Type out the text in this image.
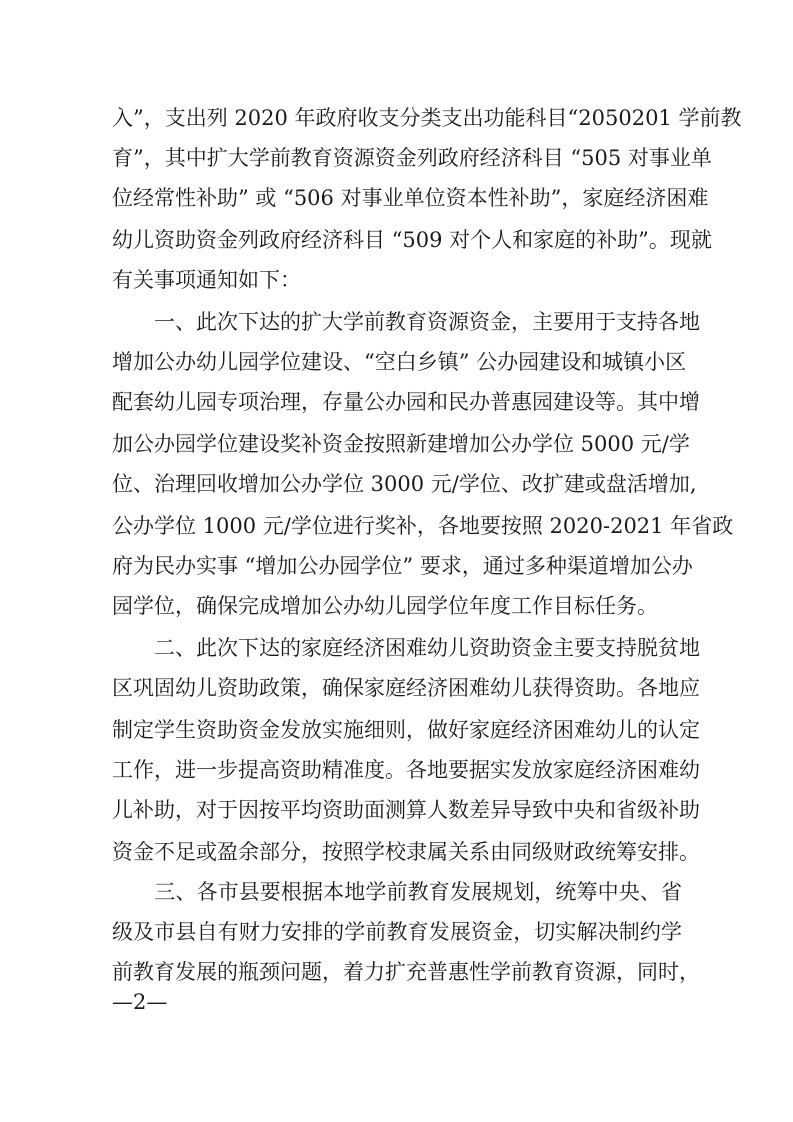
入”，支出列 2020 年政府收支分类支出功能科目“2050201 学前教
育”，其中扩大学前教育资源资金列政府经济科目 “505 对事业单
位经常性补助” 或 “506 对事业单位资本性补助”，家庭经济困难
幼儿资助资金列政府经济科目 “509 对个人和家庭的补助”。现就
有关事项通知如下：
　　一、此次下达的扩大学前教育资源资金，主要用于支持各地
增加公办幼儿园学位建设、“空白乡镇” 公办园建设和城镇小区
配套幼儿园专项治理，存量公办园和民办普惠园建设等。其中增
加公办园学位建设奖补资金按照新建增加公办学位 5000 元/学
位、治理回收增加公办学位 3000 元/学位、改扩建或盘活增加,
公办学位 1000 元/学位进行奖补，各地要按照 2020-2021 年省政
府为民办实事 “增加公办园学位” 要求，通过多种渠道增加公办
园学位，确保完成增加公办幼儿园学位年度工作目标任务。
　　二、此次下达的家庭经济困难幼儿资助资金主要支持脱贫地
区巩固幼儿资助政策，确保家庭经济困难幼儿获得资助。各地应
制定学生资助资金发放实施细则，做好家庭经济困难幼儿的认定
工作，进一步提高资助精准度。各地要据实发放家庭经济困难幼
儿补助，对于因按平均资助面测算人数差异导致中央和省级补助
资金不足或盈余部分，按照学校隶属关系由同级财政统筹安排。
　　三、各市县要根据本地学前教育发展规划，统筹中央、省
级及市县自有财力安排的学前教育发展资金，切实解决制约学
前教育发展的瓶颈问题，着力扩充普惠性学前教育资源，同时，
—2—
